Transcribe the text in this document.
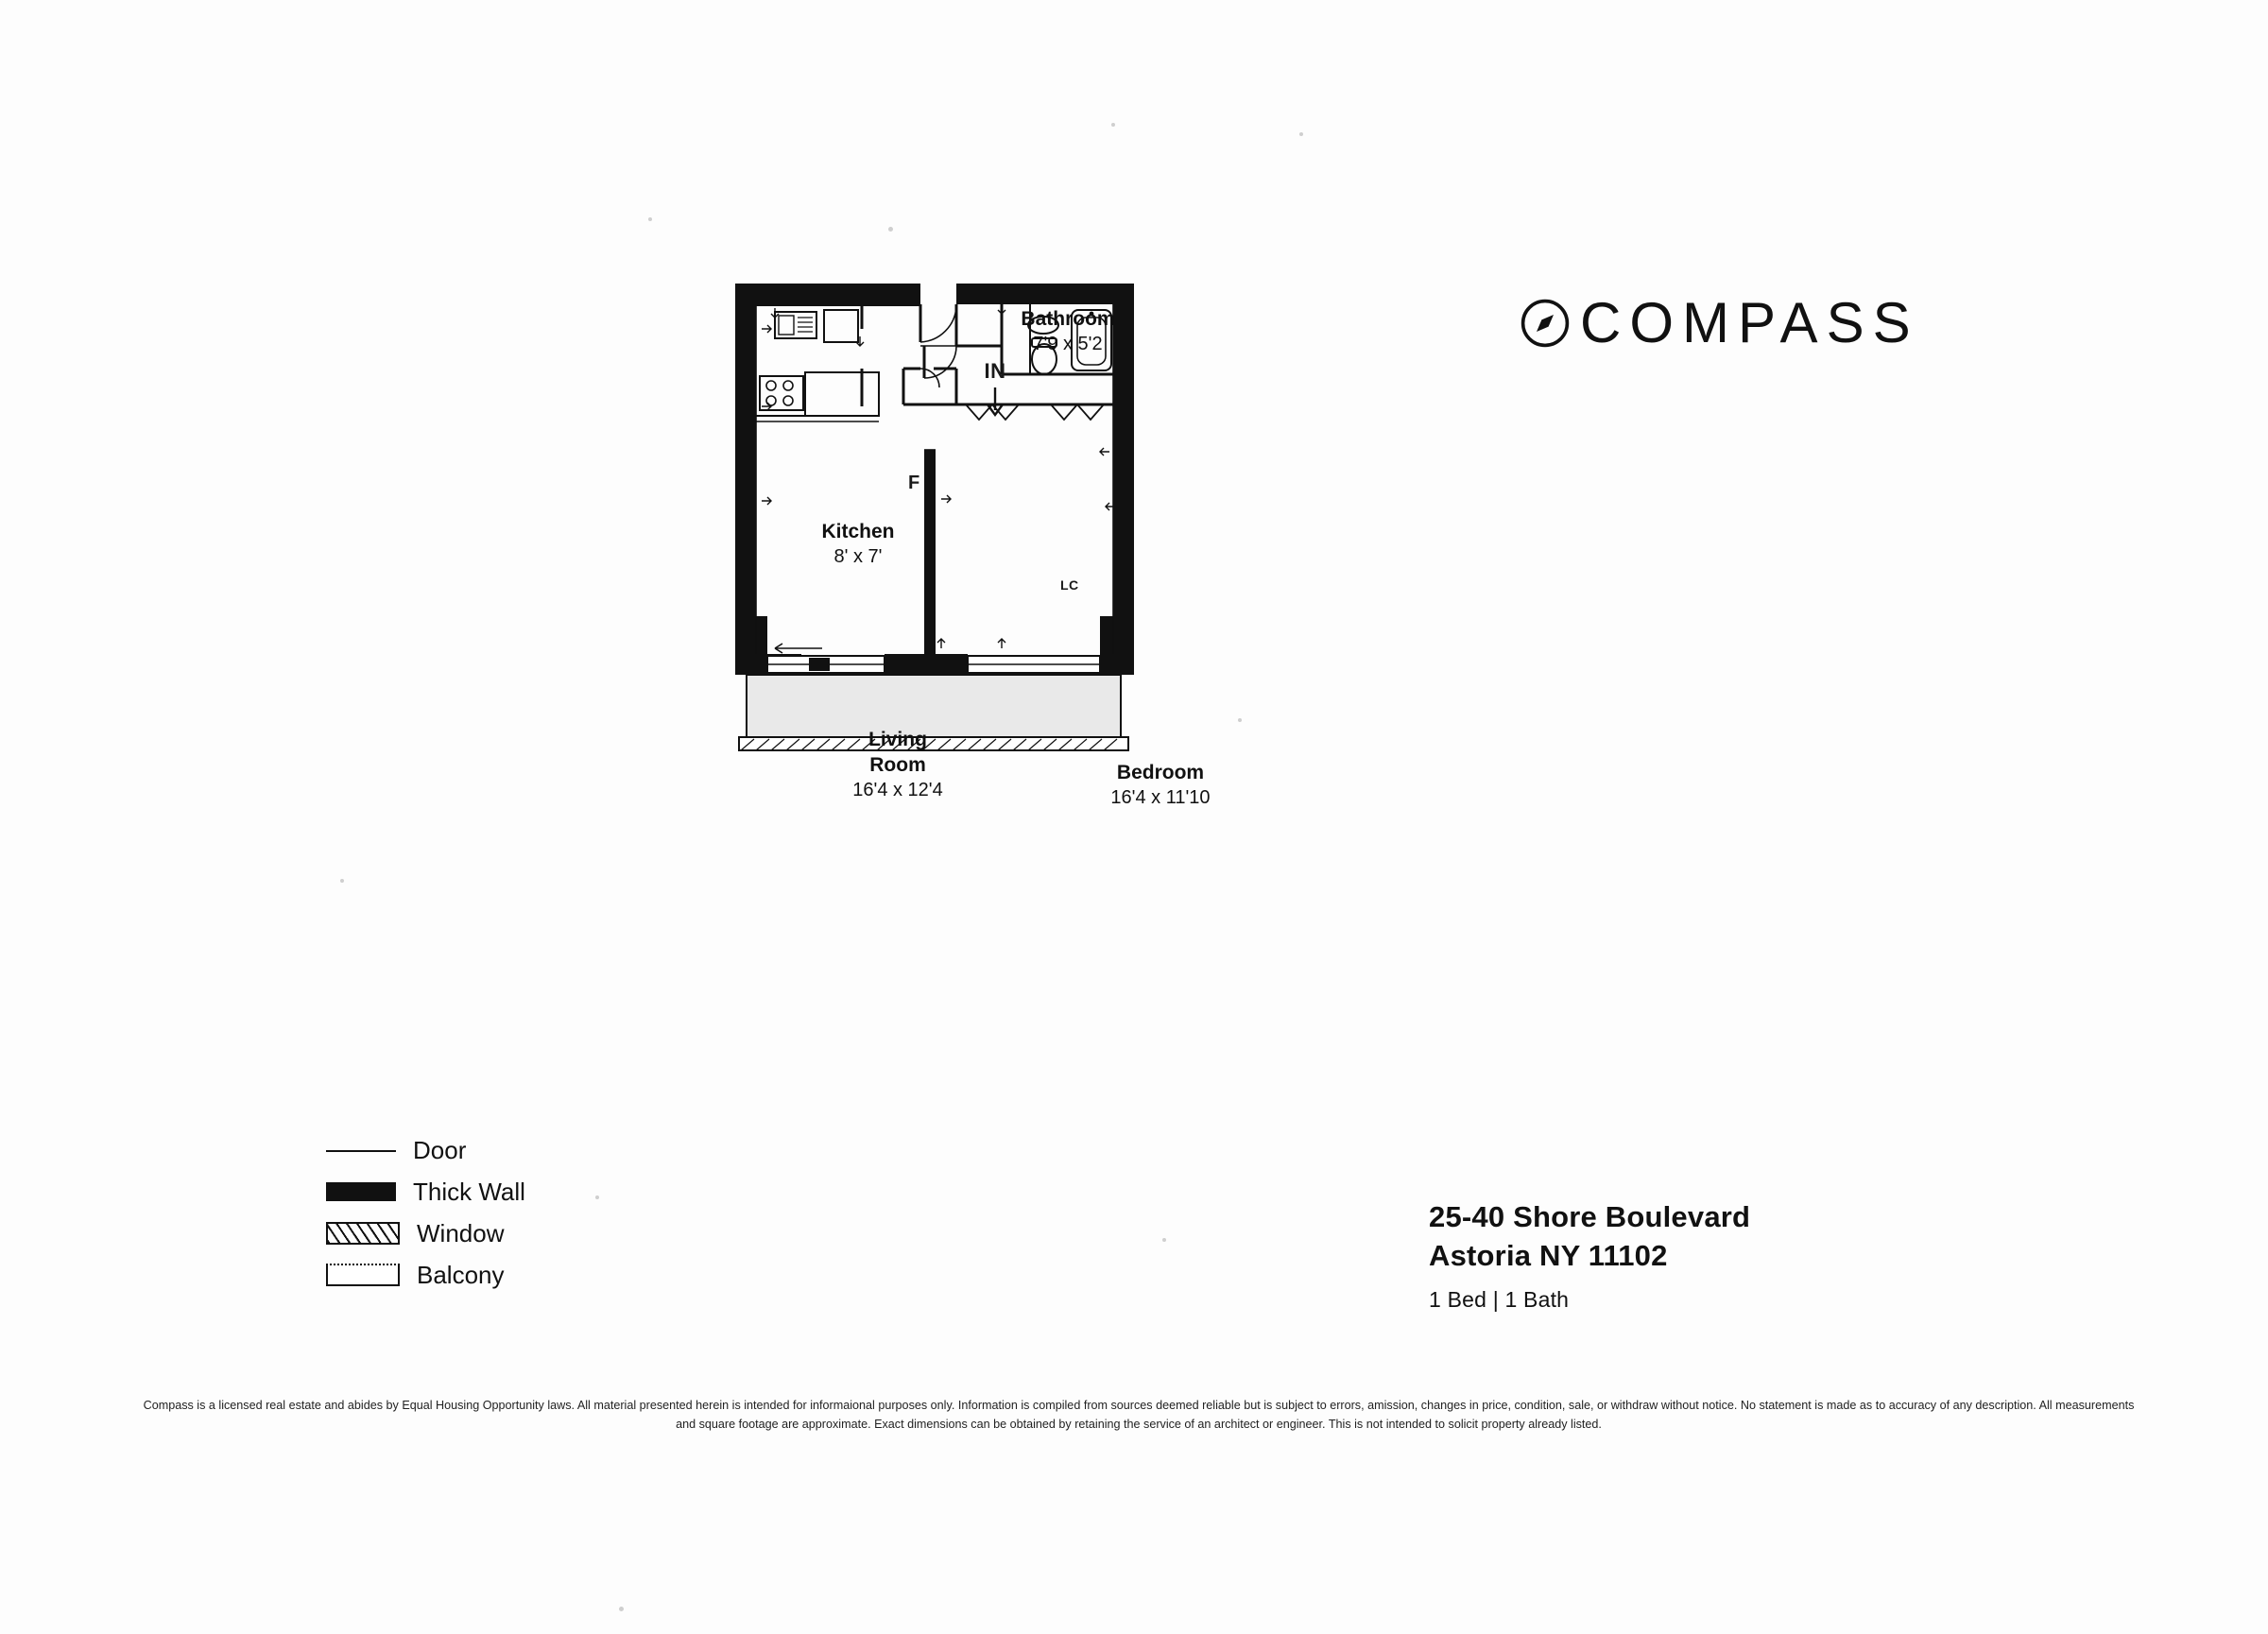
COMPASS
Bathroom
7'9 x 5'2
Kitchen
8' x 7'
Living
Room
16'4 x 12'4
Bedroom
16'4 x 11'10
IN
F
LC
Door
Thick Wall
Window
Balcony
25-40 Shore Boulevard
Astoria NY 11102
1 Bed | 1 Bath
Compass is a licensed real estate and abides by Equal Housing Opportunity laws. All material presented herein is intended for informaional purposes only. Information is compiled from sources deemed reliable but is subject to errors, amission, changes in price, condition, sale, or withdraw without notice. No statement is made as to accuracy of any description. All measurements and square footage are approximate. Exact dimensions can be obtained by retaining the service of an architect or engineer. This is not intended to solicit property already listed.
